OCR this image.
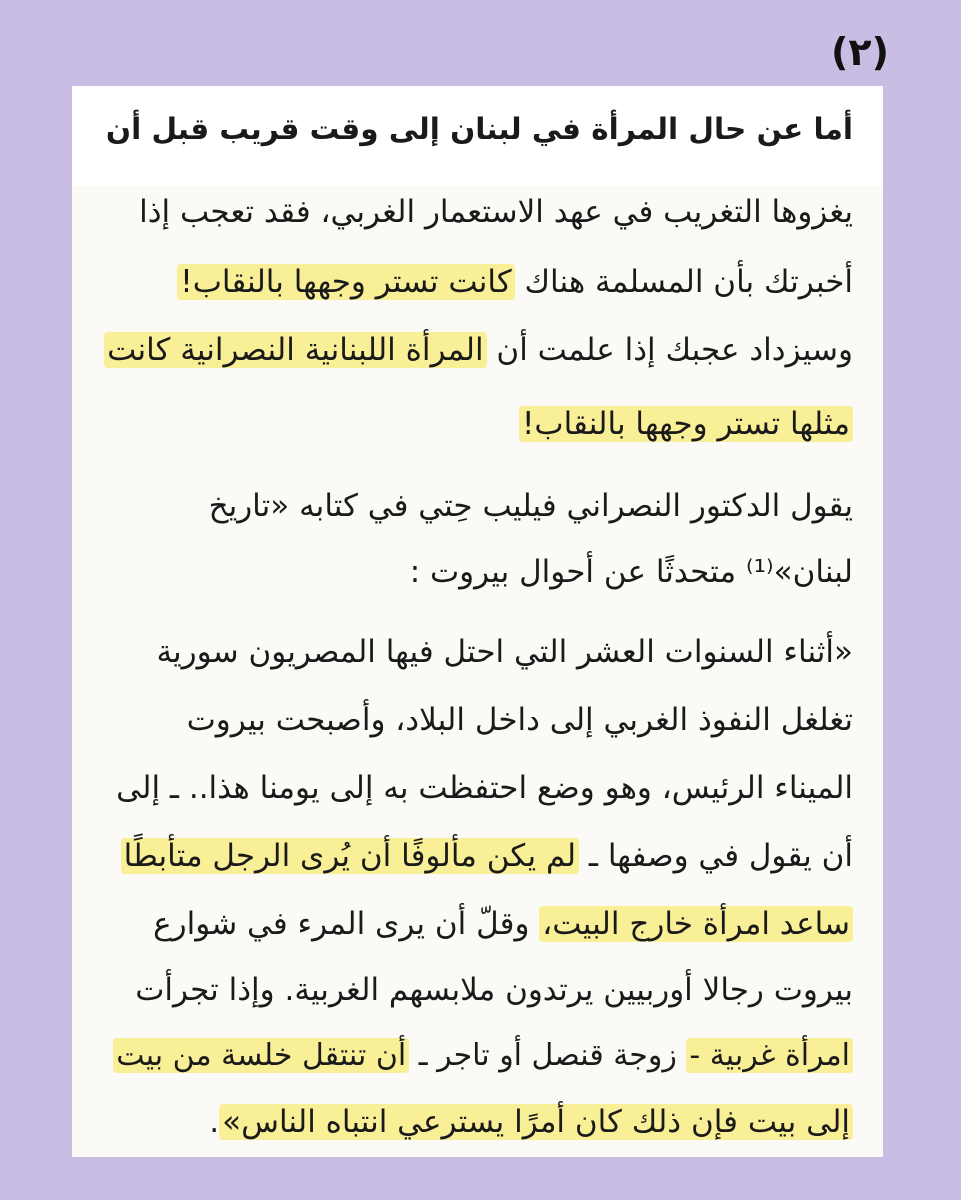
(٢)
أما عن حال المرأة في لبنان إلى وقت قريب قبل أن
يغزوها التغريب في عهد الاستعمار الغربي، فقد تعجب إذا
أخبرتك بأن المسلمة هناك كانت تستر وجهها بالنقاب!
وسيزداد عجبك إذا علمت أن المرأة اللبنانية النصرانية كانت
مثلها تستر وجهها بالنقاب!
يقول الدكتور النصراني فيليب حِتي في كتابه «تاريخ
لبنان»⁽¹⁾ متحدثًا عن أحوال بيروت :
«أثناء السنوات العشر التي احتل فيها المصريون سورية
تغلغل النفوذ الغربي إلى داخل البلاد، وأصبحت بيروت
الميناء الرئيس، وهو وضع احتفظت به إلى يومنا هذا.. ـ إلى
أن يقول في وصفها ـ لم يكن مألوفًا أن يُرى الرجل متأبطًا
ساعد امرأة خارج البيت، وقلّ أن يرى المرء في شوارع
بيروت رجالا أوربيين يرتدون ملابسهم الغربية. وإذا تجرأت
امرأة غربية - زوجة قنصل أو تاجر ـ أن تنتقل خلسة من بيت
إلى بيت فإن ذلك كان أمرًا يسترعي انتباه الناس».
